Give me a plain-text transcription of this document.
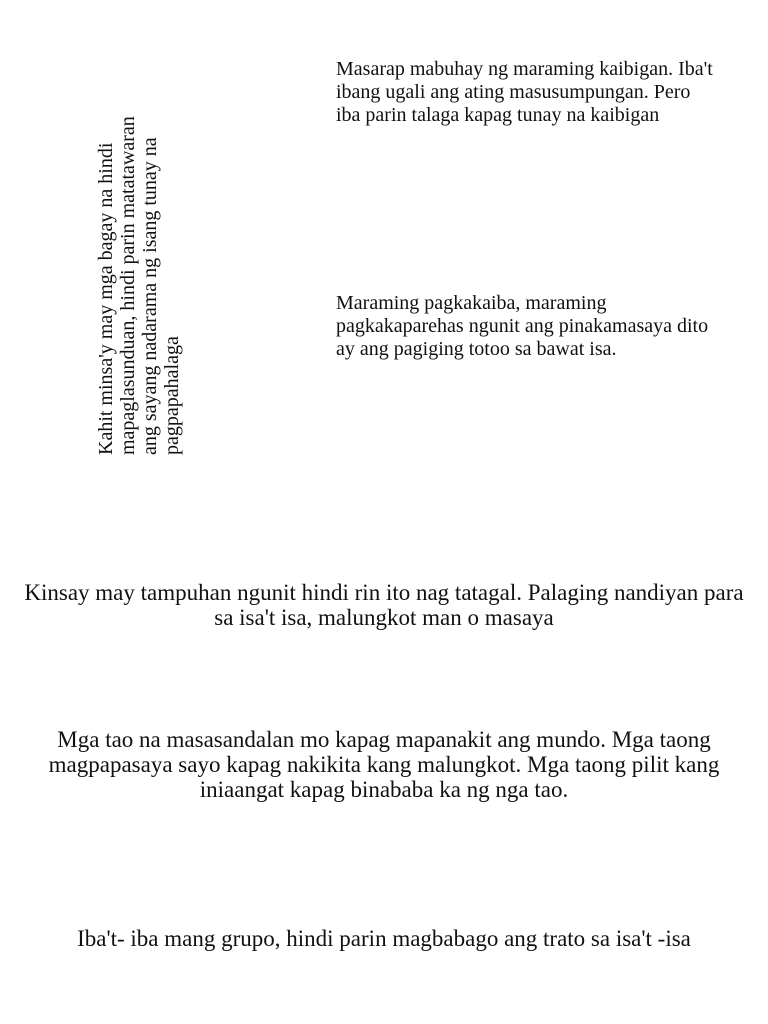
Kahit minsa'y may mga bagay na hindi mapaglasunduan, hindi parin matatawaran ang sayang nadarama ng isang tunay na pagpapahalaga
Masarap mabuhay ng maraming kaibigan. Iba't ibang ugali ang ating masusumpungan. Pero iba parin talaga kapag tunay na kaibigan
Maraming pagkakaiba, maraming pagkakaparehas ngunit ang pinakamasaya dito ay ang pagiging totoo sa bawat isa.
Kinsay may tampuhan ngunit hindi rin ito nag tatagal. Palaging nandiyan para sa isa't isa, malungkot man o masaya
Mga tao na masasandalan mo kapag mapanakit ang mundo. Mga taong magpapasaya sayo kapag nakikita kang malungkot. Mga taong pilit kang iniaangat kapag binababa ka ng nga tao.
Iba't- iba mang grupo, hindi parin magbabago ang trato sa isa't -isa
